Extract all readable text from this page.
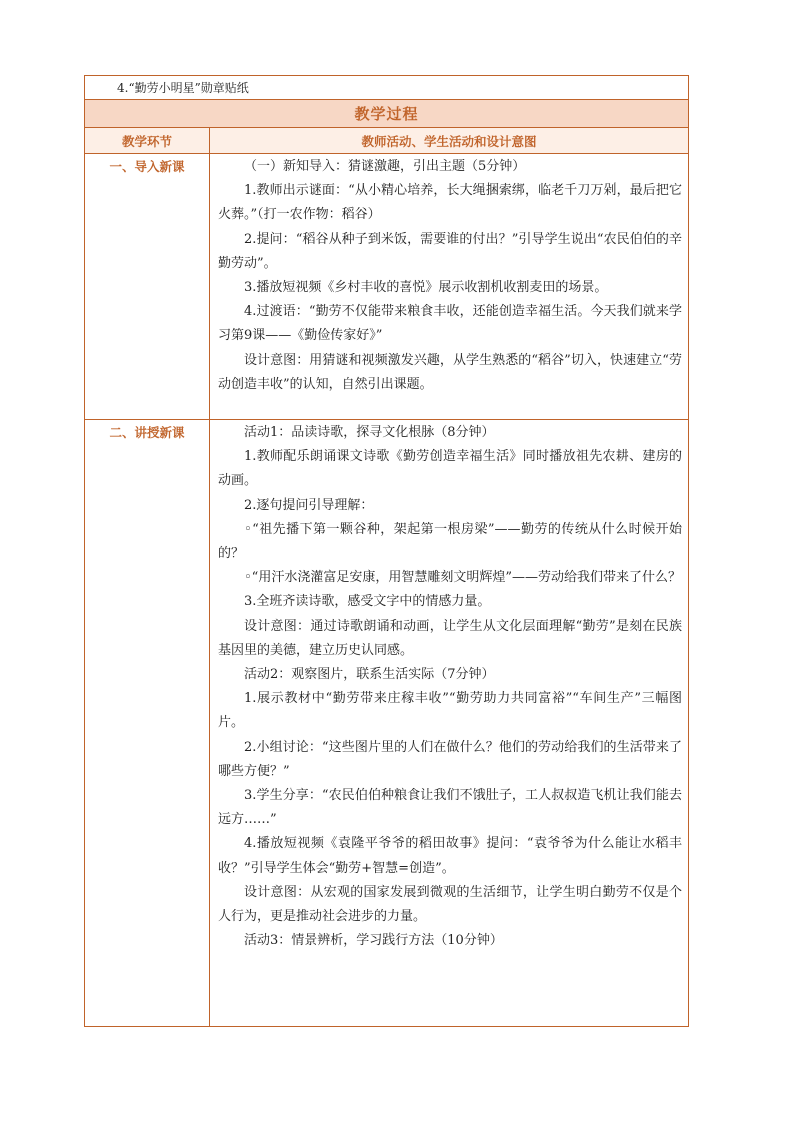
4.“勤劳小明星”勋章贴纸
教学过程
教学环节	教师活动、学生活动和设计意图
一、导入新课	（一）新知导入：猜谜激趣，引出主题（5分钟）

1.教师出示谜面：“从小精心培养，长大绳捆索绑，临老千刀万剁，最后把它火葬。”（打一农作物：稻谷）

2.提问：“稻谷从种子到米饭，需要谁的付出？”引导学生说出“农民伯伯的辛勤劳动”。

3.播放短视频《乡村丰收的喜悦》展示收割机收割麦田的场景。

4.过渡语：“勤劳不仅能带来粮食丰收，还能创造幸福生活。今天我们就来学习第9课——《勤俭传家好》”

设计意图：用猜谜和视频激发兴趣，从学生熟悉的“稻谷”切入，快速建立“劳动创造丰收”的认知，自然引出课题。

二、讲授新课	活动1：品读诗歌，探寻文化根脉（8分钟）

1.教师配乐朗诵课文诗歌《勤劳创造幸福生活》同时播放祖先农耕、建房的动画。

2.逐句提问引导理解：

◦“祖先播下第一颗谷种，架起第一根房梁”——勤劳的传统从什么时候开始的？

◦“用汗水浇灌富足安康，用智慧雕刻文明辉煌”——劳动给我们带来了什么？

3.全班齐读诗歌，感受文字中的情感力量。

设计意图：通过诗歌朗诵和动画，让学生从文化层面理解“勤劳”是刻在民族基因里的美德，建立历史认同感。

活动2：观察图片，联系生活实际（7分钟）

1.展示教材中“勤劳带来庄稼丰收”“勤劳助力共同富裕”“车间生产”三幅图片。

2.小组讨论：“这些图片里的人们在做什么？他们的劳动给我们的生活带来了哪些方便？”

3.学生分享：“农民伯伯种粮食让我们不饿肚子，工人叔叔造飞机让我们能去远方……”

4.播放短视频《袁隆平爷爷的稻田故事》提问：“袁爷爷为什么能让水稻丰收？”引导学生体会“勤劳+智慧=创造”。

设计意图：从宏观的国家发展到微观的生活细节，让学生明白勤劳不仅是个人行为，更是推动社会进步的力量。

活动3：情景辨析，学习践行方法（10分钟）
